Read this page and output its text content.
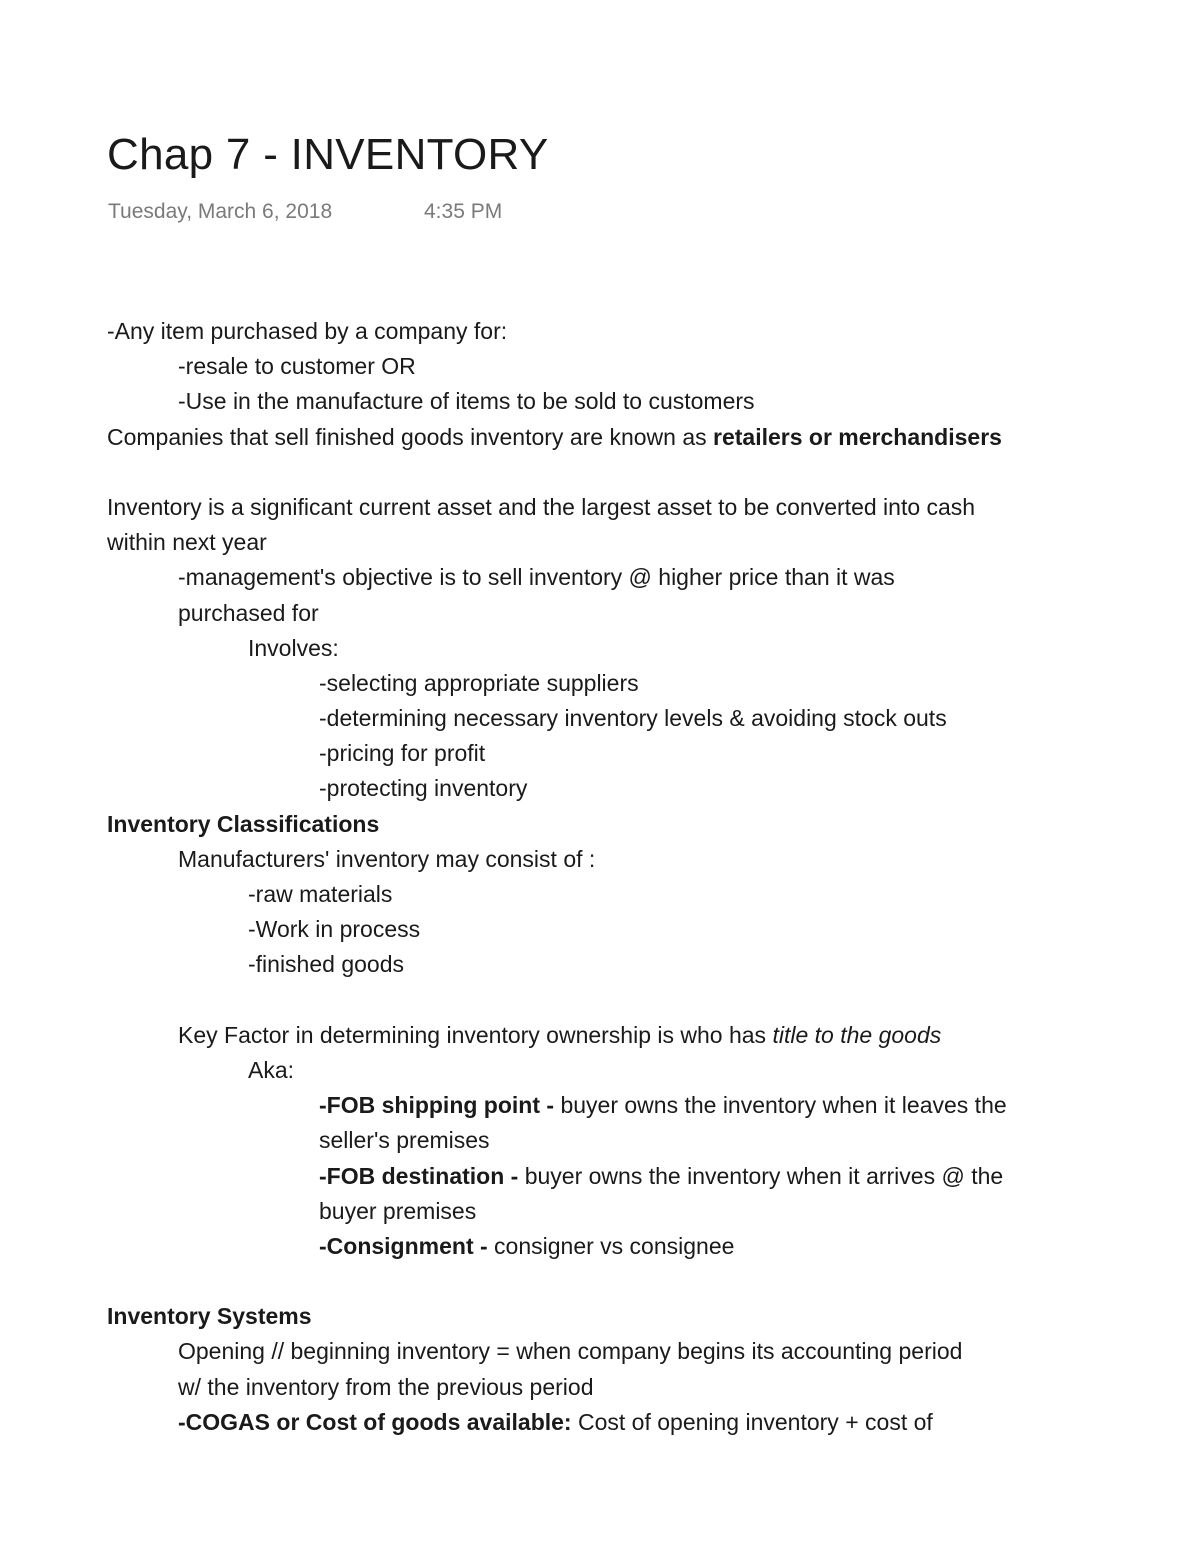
Chap 7 - INVENTORY
Tuesday, March 6, 2018	4:35 PM
-Any item purchased by a company for:
-resale to customer OR
-Use in the manufacture of items to be sold to customers
Companies that sell finished goods inventory are known as retailers or merchandisers
Inventory is a significant current asset and the largest asset to be converted into cash
within next year
-management's objective is to sell inventory @ higher price than it was
purchased for
Involves:
-selecting appropriate suppliers
-determining necessary inventory levels & avoiding stock outs
-pricing for profit
-protecting inventory
Inventory Classifications
Manufacturers' inventory may consist of :
-raw materials
-Work in process
-finished goods
Key Factor in determining inventory ownership is who has title to the goods
Aka:
-FOB shipping point - buyer owns the inventory when it leaves the
seller's premises
-FOB destination - buyer owns the inventory when it arrives @ the
buyer premises
-Consignment - consigner vs consignee
Inventory Systems
Opening // beginning inventory = when company begins its accounting period
w/ the inventory from the previous period
-COGAS or Cost of goods available: Cost of opening inventory + cost of
